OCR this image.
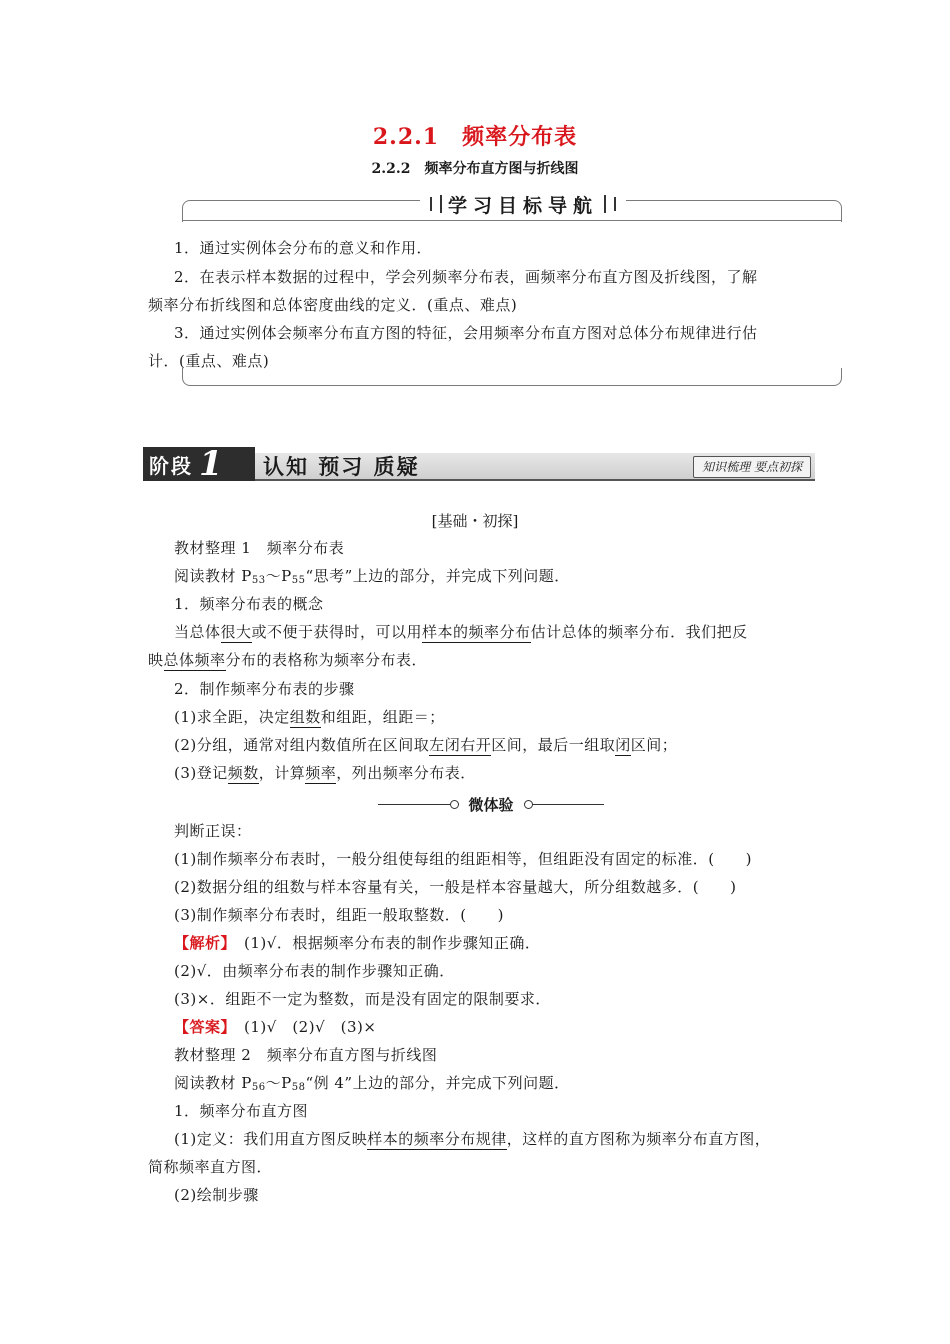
2.2.1　频率分布表
2.2.2　频率分布直方图与折线图
学习目标导航
1．通过实例体会分布的意义和作用．
2．在表示样本数据的过程中，学会列频率分布表，画频率分布直方图及折线图，了解
频率分布折线图和总体密度曲线的定义．(重点、难点)
3．通过实例体会频率分布直方图的特征，会用频率分布直方图对总体分布规律进行估
计．(重点、难点)
阶段 1 认知 预习 质疑	知识梳理 要点初探
[基础・初探]
教材整理 1　频率分布表
阅读教材 $P_{53}\sim P_{55}“$思考”上边的部分，并完成下列问题．
1．频率分布表的概念
当总体很大或不便于获得时，可以用样本的频率分布估计总体的频率分布．我们把反
映总体频率分布的表格称为频率分布表．
2．制作频率分布表的步骤
(1)求全距，决定组数和组距，组距＝；
(2)分组，通常对组内数值所在区间取左闭右开区间，最后一组取闭区间；
(3)登记频数，计算频率，列出频率分布表．
微体验
判断正误：
(1)制作频率分布表时，一般分组使每组的组距相等，但组距没有固定的标准．(　　)
(2)数据分组的组数与样本容量有关，一般是样本容量越大，所分组数越多．(　　)
(3)制作频率分布表时，组距一般取整数．(　　)
【解析】　(1)√．根据频率分布表的制作步骤知正确．
(2)√．由频率分布表的制作步骤知正确．
(3)×．组距不一定为整数，而是没有固定的限制要求．
【答案】　(1)√　(2)√　(3)×
教材整理 2　频率分布直方图与折线图
阅读教材 $P_{56}\sim P_{58}“$例 4”上边的部分，并完成下列问题．
1．频率分布直方图
(1)定义：我们用直方图反映样本的频率分布规律，这样的直方图称为频率分布直方图，
简称频率直方图．
(2)绘制步骤
